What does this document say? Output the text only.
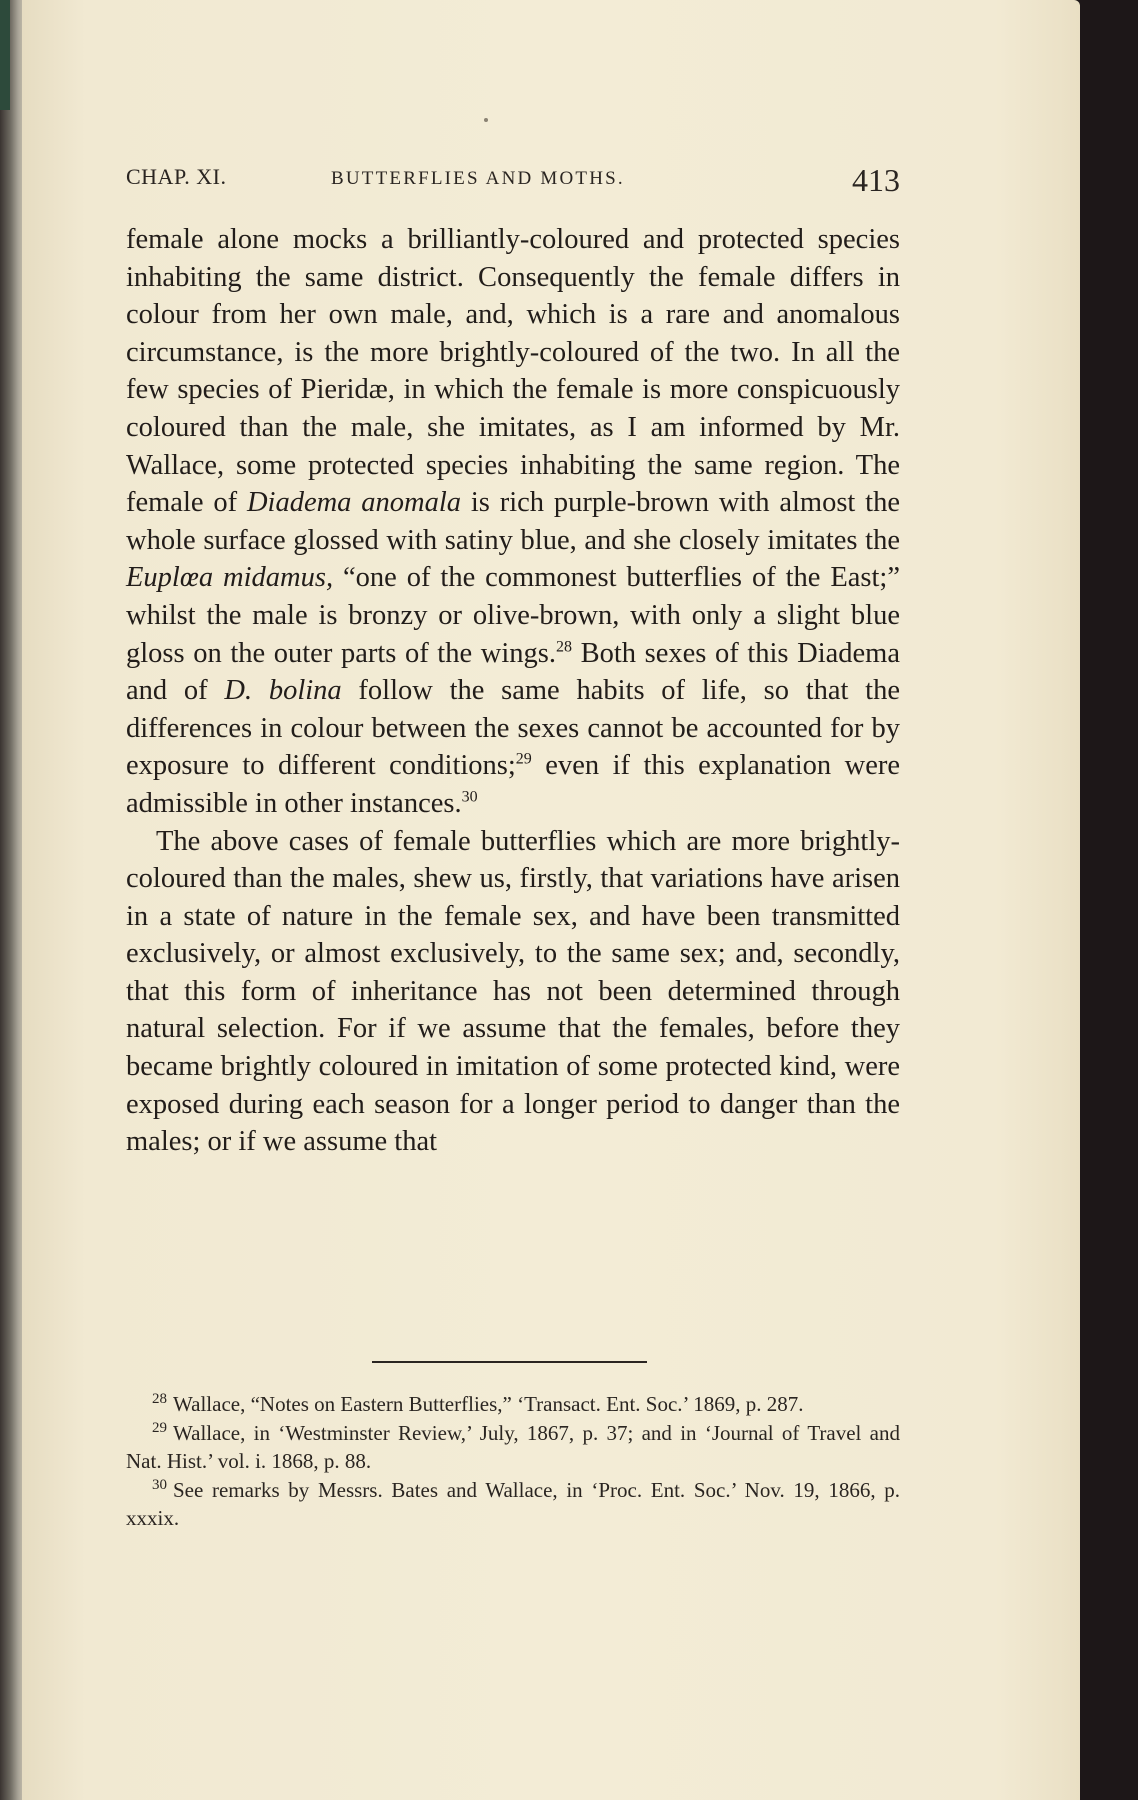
CHAP. XI.	BUTTERFLIES AND MOTHS.	413

female alone mocks a brilliantly-coloured and protected species inhabiting the same district. Consequently the female differs in colour from her own male, and, which is a rare and anomalous circumstance, is the more brightly-coloured of the two. In all the few species of Pieridæ, in which the female is more conspicuously coloured than the male, she imitates, as I am informed by Mr. Wallace, some protected species inhabiting the same region. The female of Diadema anomala is rich purple-brown with almost the whole surface glossed with satiny blue, and she closely imitates the Euplœa midamus, “one of the commonest butterflies of the East;” whilst the male is bronzy or olive-brown, with only a slight blue gloss on the outer parts of the wings.$^{28}$ Both sexes of this Diadema and of D. bolina follow the same habits of life, so that the differences in colour between the sexes cannot be accounted for by exposure to different conditions;$^{29}$ even if this explanation were admissible in other instances.$^{30}$

The above cases of female butterflies which are more brightly-coloured than the males, shew us, firstly, that variations have arisen in a state of nature in the female sex, and have been transmitted exclusively, or almost exclusively, to the same sex; and, secondly, that this form of inheritance has not been determined through natural selection. For if we assume that the females, before they became brightly coloured in imitation of some protected kind, were exposed during each season for a longer period to danger than the males; or if we assume that

$^{28}$ Wallace, “Notes on Eastern Butterflies,” ‘Transact. Ent. Soc.’ 1869, p. 287.

$^{29}$ Wallace, in ‘Westminster Review,’ July, 1867, p. 37; and in ‘Journal of Travel and Nat. Hist.’ vol. i. 1868, p. 88.

$^{30}$ See remarks by Messrs. Bates and Wallace, in ‘Proc. Ent. Soc.’ Nov. 19, 1866, p. xxxix.
